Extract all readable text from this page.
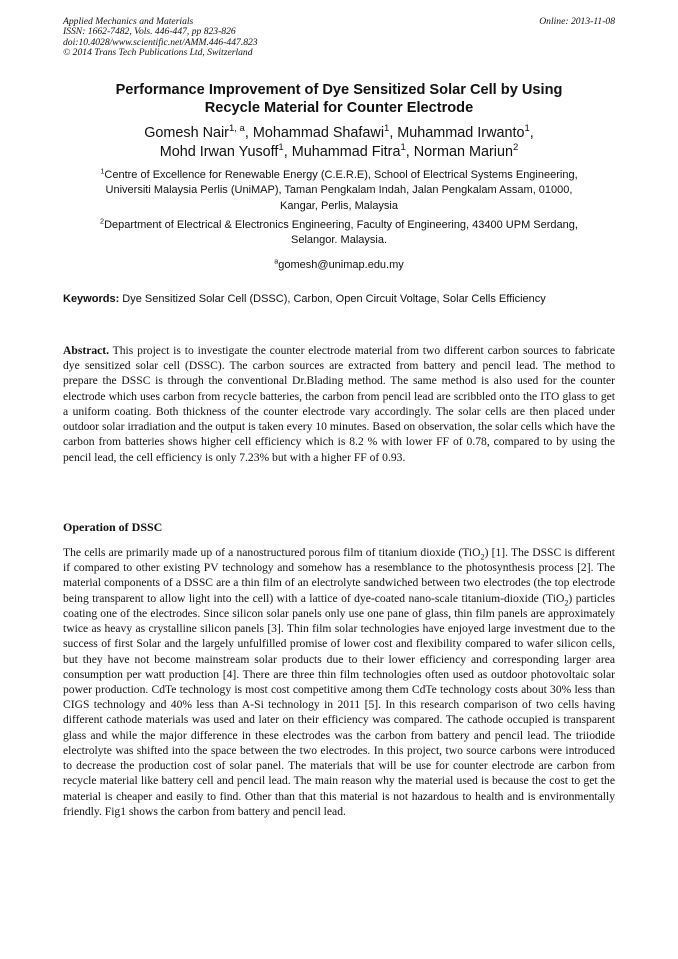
Applied Mechanics and Materials
ISSN: 1662-7482, Vols. 446-447, pp 823-826
doi:10.4028/www.scientific.net/AMM.446-447.823
© 2014 Trans Tech Publications Ltd, Switzerland
Online: 2013-11-08
Performance Improvement of Dye Sensitized Solar Cell by Using
Recycle Material for Counter Electrode
Gomesh Nair$^{1, a}$, Mohammad Shafawi$^1$, Muhammad Irwanto$^1$,
Mohd Irwan Yusoff$^1$, Muhammad Fitra$^1$, Norman Mariun$^2$
$^1$Centre of Excellence for Renewable Energy (C.E.R.E), School of Electrical Systems Engineering,
Universiti Malaysia Perlis (UniMAP), Taman Pengkalam Indah, Jalan Pengkalam Assam, 01000,
Kangar, Perlis, Malaysia
$^2$Department of Electrical & Electronics Engineering, Faculty of Engineering, 43400 UPM Serdang,
Selangor. Malaysia.
$^a$gomesh@unimap.edu.my
Keywords: Dye Sensitized Solar Cell (DSSC), Carbon, Open Circuit Voltage, Solar Cells Efficiency
Abstract. This project is to investigate the counter electrode material from two different carbon sources to fabricate dye sensitized solar cell (DSSC). The carbon sources are extracted from battery and pencil lead. The method to prepare the DSSC is through the conventional Dr.Blading method. The same method is also used for the counter electrode which uses carbon from recycle batteries, the carbon from pencil lead are scribbled onto the ITO glass to get a uniform coating. Both thickness of the counter electrode vary accordingly. The solar cells are then placed under outdoor solar irradiation and the output is taken every 10 minutes. Based on observation, the solar cells which have the carbon from batteries shows higher cell efficiency which is 8.2 % with lower FF of 0.78, compared to by using the pencil lead, the cell efficiency is only 7.23% but with a higher FF of 0.93.
Operation of DSSC
The cells are primarily made up of a nanostructured porous film of titanium dioxide (TiO$_2$) [1]. The DSSC is different if compared to other existing PV technology and somehow has a resemblance to the photosynthesis process [2]. The material components of a DSSC are a thin film of an electrolyte sandwiched between two electrodes (the top electrode being transparent to allow light into the cell) with a lattice of dye-coated nano-scale titanium-dioxide (TiO$_2$) particles coating one of the electrodes. Since silicon solar panels only use one pane of glass, thin film panels are approximately twice as heavy as crystalline silicon panels [3]. Thin film solar technologies have enjoyed large investment due to the success of first Solar and the largely unfulfilled promise of lower cost and flexibility compared to wafer silicon cells, but they have not become mainstream solar products due to their lower efficiency and corresponding larger area consumption per watt production [4]. There are three thin film technologies often used as outdoor photovoltaic solar power production. CdTe technology is most cost competitive among them CdTe technology costs about 30% less than CIGS technology and 40% less than A-Si technology in 2011 [5]. In this research comparison of two cells having different cathode materials was used and later on their efficiency was compared. The cathode occupied is transparent glass and while the major difference in these electrodes was the carbon from battery and pencil lead. The triiodide electrolyte was shifted into the space between the two electrodes. In this project, two source carbons were introduced to decrease the production cost of solar panel. The materials that will be use for counter electrode are carbon from recycle material like battery cell and pencil lead. The main reason why the material used is because the cost to get the material is cheaper and easily to find. Other than that this material is not hazardous to health and is environmentally friendly. Fig1 shows the carbon from battery and pencil lead.
